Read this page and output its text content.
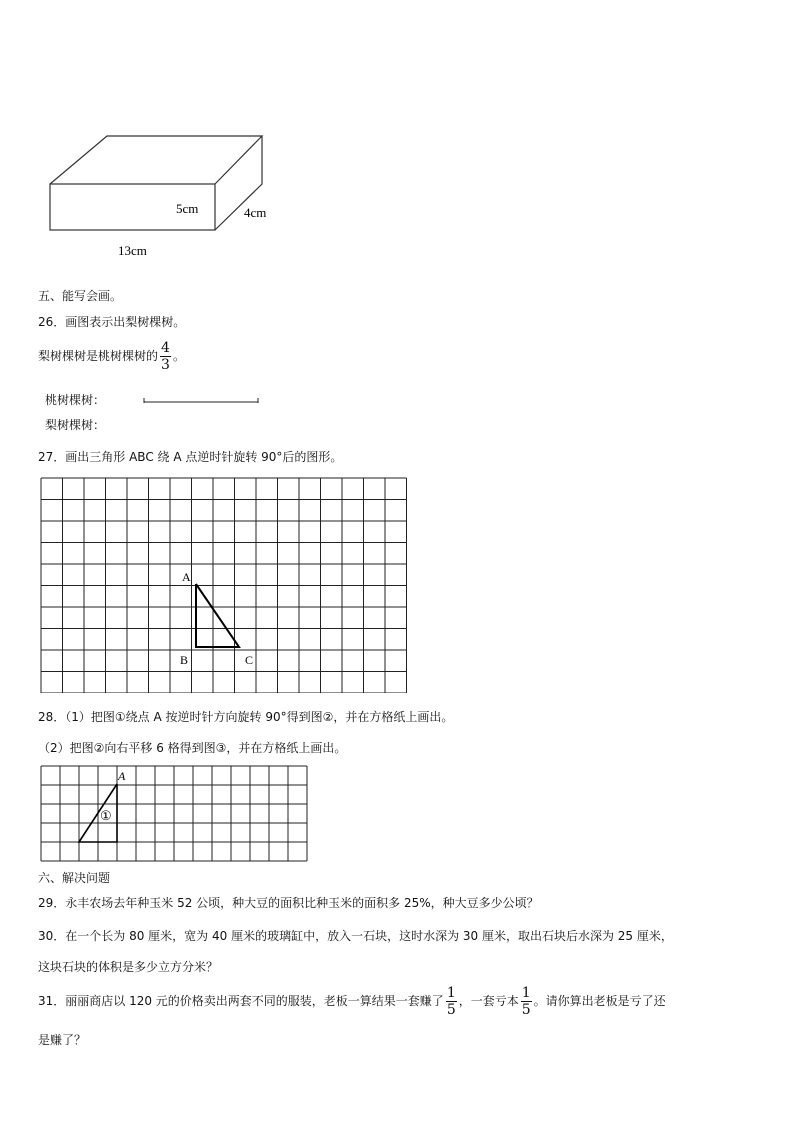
5cm	4cm
13cm
五、能写会画。
26．画图表示出梨树棵树。
梨树棵树是桃树棵树的 $\frac{4}{3}$ 。
桃树棵树：
梨树棵树：
27．画出三角形 ABC 绕 A 点逆时针旋转 90°后的图形。
A
B	C
28．（1）把图①绕点 A 按逆时针方向旋转 90°得到图②，并在方格纸上画出。
（2）把图②向右平移 6 格得到图③，并在方格纸上画出。
A
①
六、解决问题
29．永丰农场去年种玉米 52 公顷，种大豆的面积比种玉米的面积多 25%，种大豆多少公顷？
30．在一个长为 80 厘米，宽为 40 厘米的玻璃缸中，放入一石块，这时水深为 30 厘米，取出石块后水深为 25 厘米，
这块石块的体积是多少立方分米？
31．丽丽商店以 120 元的价格卖出两套不同的服装，老板一算结果一套赚了 $\frac{1}{5}$ ，一套亏本 $\frac{1}{5}$ 。请你算出老板是亏了还
是赚了？
